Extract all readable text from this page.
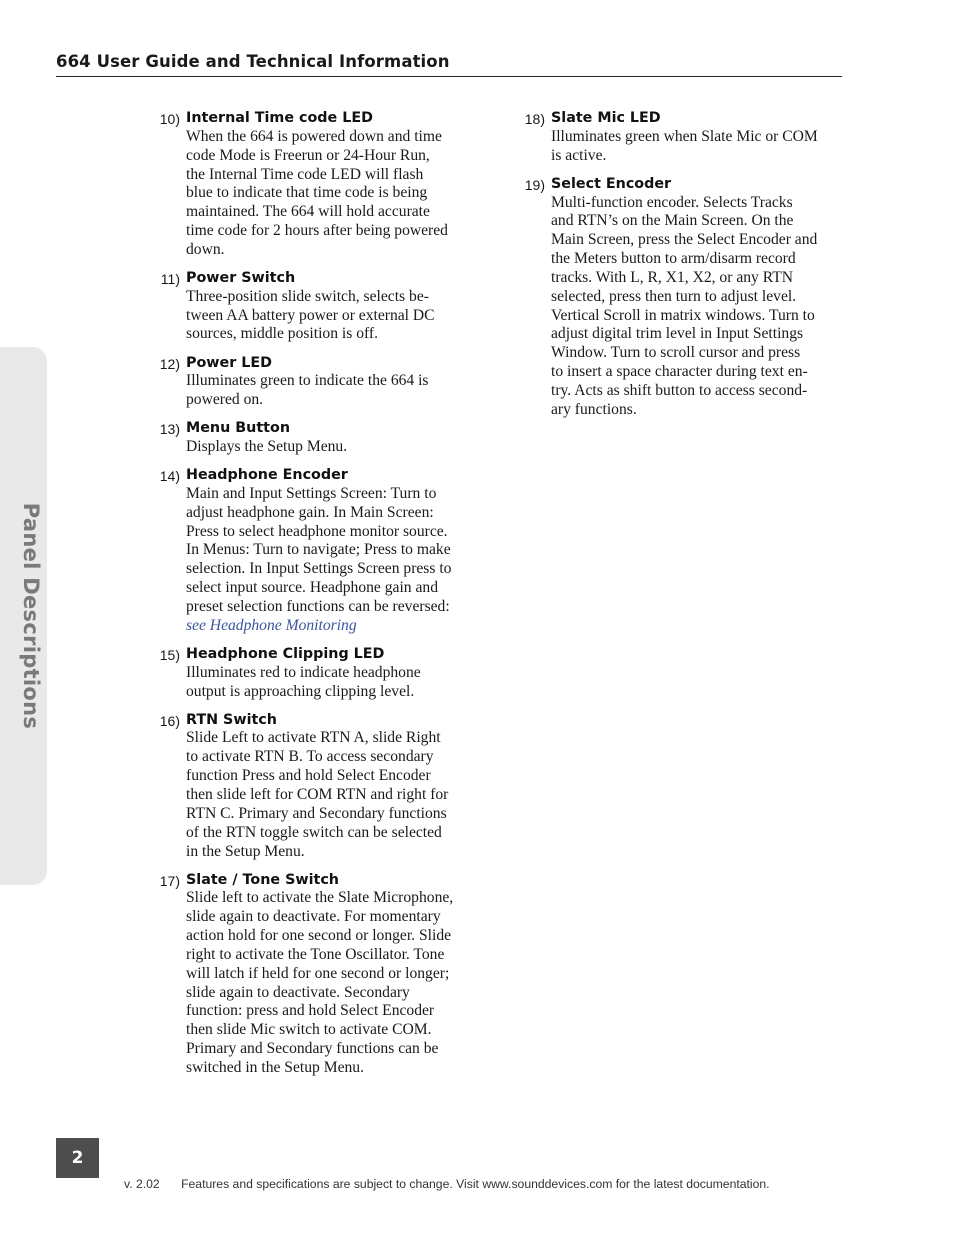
664 User Guide and Technical Information
Panel Descriptions
10) Internal Time code LED
When the 664 is powered down and time
code Mode is Freerun or 24-Hour Run,
the Internal Time code LED will flash
blue to indicate that time code is being
maintained. The 664 will hold accurate
time code for 2 hours after being powered
down.
11) Power Switch
Three-position slide switch, selects be-
tween AA battery power or external DC
sources, middle position is off.
12) Power LED
Illuminates green to indicate the 664 is
powered on.
13) Menu Button
Displays the Setup Menu.
14) Headphone Encoder
Main and Input Settings Screen: Turn to
adjust headphone gain. In Main Screen:
Press to select headphone monitor source.
In Menus: Turn to navigate; Press to make
selection. In Input Settings Screen press to
select input source. Headphone gain and
preset selection functions can be reversed:
see Headphone Monitoring
15) Headphone Clipping LED
Illuminates red to indicate headphone
output is approaching clipping level.
16) RTN Switch
Slide Left to activate RTN A, slide Right
to activate RTN B. To access secondary
function Press and hold Select Encoder
then slide left for COM RTN and right for
RTN C. Primary and Secondary functions
of the RTN toggle switch can be selected
in the Setup Menu.
17) Slate / Tone Switch
Slide left to activate the Slate Microphone,
slide again to deactivate. For momentary
action hold for one second or longer. Slide
right to activate the Tone Oscillator. Tone
will latch if held for one second or longer;
slide again to deactivate. Secondary
function: press and hold Select Encoder
then slide Mic switch to activate COM.
Primary and Secondary functions can be
switched in the Setup Menu.
18) Slate Mic LED
Illuminates green when Slate Mic or COM
is active.
19) Select Encoder
Multi-function encoder. Selects Tracks
and RTN’s on the Main Screen. On the
Main Screen, press the Select Encoder and
the Meters button to arm/disarm record
tracks. With L, R, X1, X2, or any RTN
selected, press then turn to adjust level.
Vertical Scroll in matrix windows. Turn to
adjust digital trim level in Input Settings
Window. Turn to scroll cursor and press
to insert a space character during text en-
try. Acts as shift button to access second-
ary functions.
2
v. 2.02 Features and specifications are subject to change. Visit www.sounddevices.com for the latest documentation.
